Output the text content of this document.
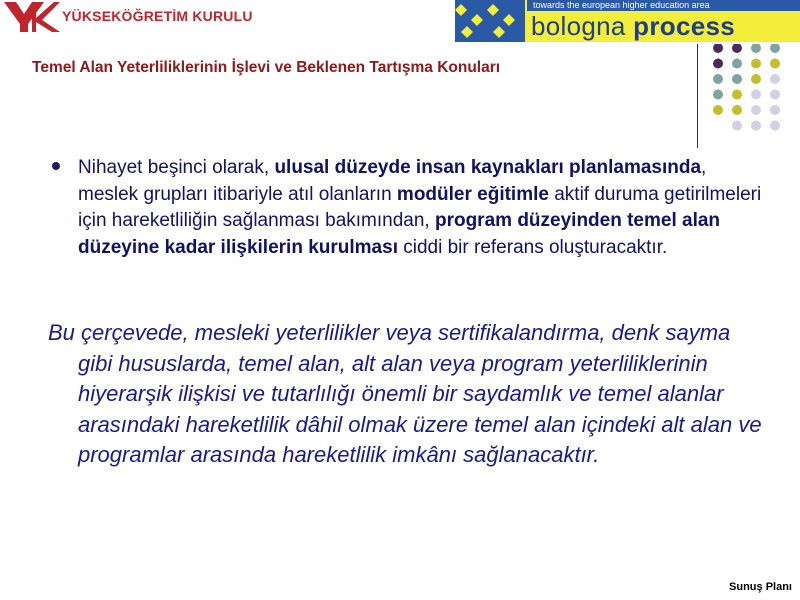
YÜKSEKÖĞRETİM KURULU
towards the european higher education area
bologna process
Temel Alan Yeterliliklerinin İşlevi ve Beklenen Tartışma Konuları
Nihayet beşinci olarak, ulusal düzeyde insan kaynakları planlamasında, meslek grupları itibariyle atıl olanların modüler eğitimle aktif duruma getirilmeleri için hareketliliğin sağlanması bakımından, program düzeyinden temel alan düzeyine kadar ilişkilerin kurulması ciddi bir referans oluşturacaktır.
Bu çerçevede, mesleki yeterlilikler veya sertifikalandırma, denk sayma gibi hususlarda, temel alan, alt alan veya program yeterliliklerinin hiyerarşik ilişkisi ve tutarlılığı önemli bir saydamlık ve temel alanlar arasındaki hareketlilik dâhil olmak üzere temel alan içindeki alt alan ve programlar arasında hareketlilik imkânı sağlanacaktır.
Sunuş Planı
